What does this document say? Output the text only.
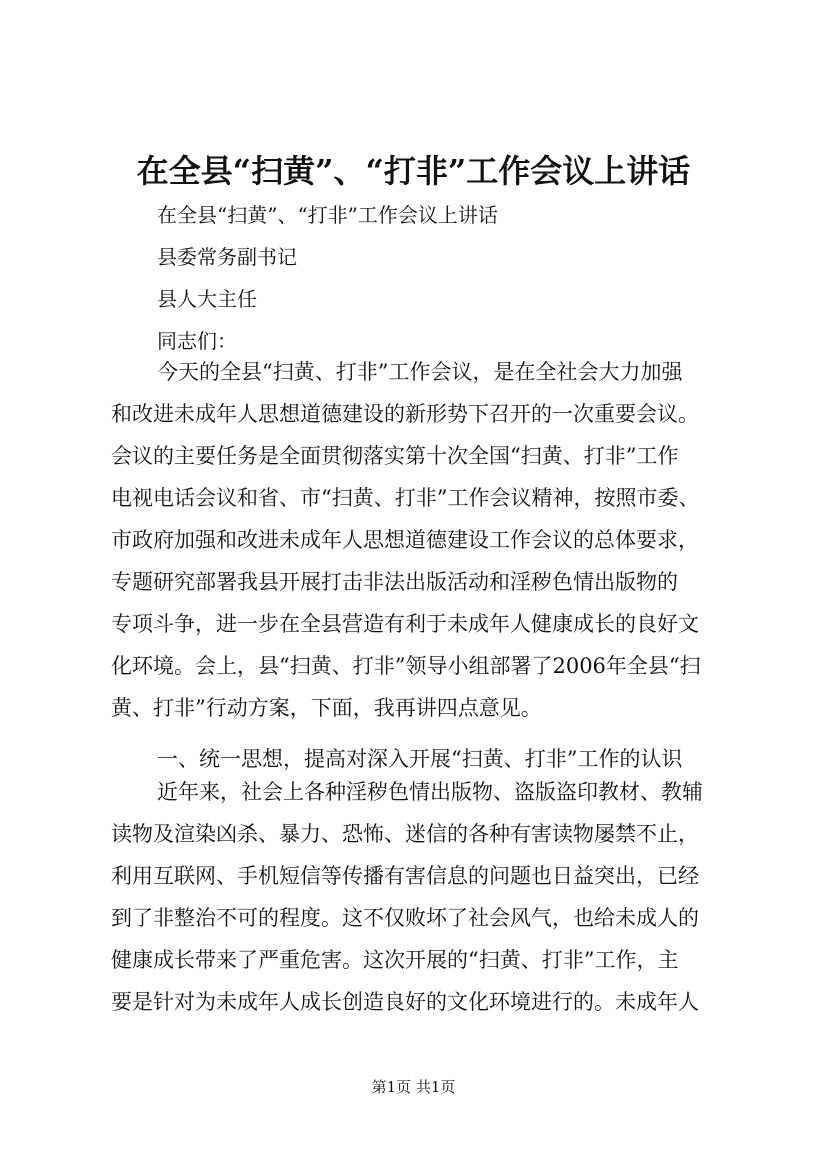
在全县“扫黄”、“打非”工作会议上讲话
在全县“扫黄”、“打非”工作会议上讲话
县委常务副书记
县人大主任
同志们：
今天的全县“扫黄、打非”工作会议，是在全社会大力加强
和改进未成年人思想道德建设的新形势下召开的一次重要会议。
会议的主要任务是全面贯彻落实第十次全国“扫黄、打非”工作
电视电话会议和省、市“扫黄、打非”工作会议精神，按照市委、
市政府加强和改进未成年人思想道德建设工作会议的总体要求，
专题研究部署我县开展打击非法出版活动和淫秽色情出版物的
专项斗争，进一步在全县营造有利于未成年人健康成长的良好文
化环境。会上，县“扫黄、打非”领导小组部署了2006年全县“扫
黄、打非”行动方案，下面，我再讲四点意见。
一、统一思想，提高对深入开展“扫黄、打非”工作的认识
近年来，社会上各种淫秽色情出版物、盗版盗印教材、教辅
读物及渲染凶杀、暴力、恐怖、迷信的各种有害读物屡禁不止，
利用互联网、手机短信等传播有害信息的问题也日益突出，已经
到了非整治不可的程度。这不仅败坏了社会风气，也给未成人的
健康成长带来了严重危害。这次开展的“扫黄、打非”工作，主
要是针对为未成年人成长创造良好的文化环境进行的。未成年人
第1页 共1页
